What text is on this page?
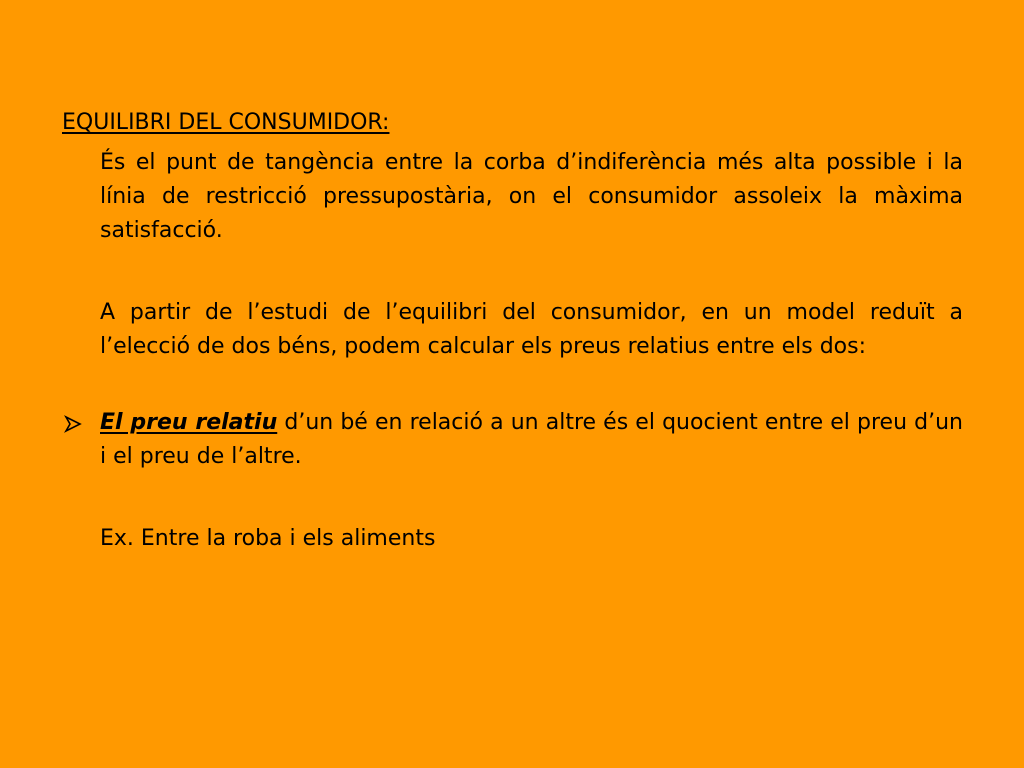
EQUILIBRI DEL CONSUMIDOR:
És el punt de tangència entre la corba d’indiferència més alta possible i la línia de restricció pressupostària, on el consumidor assoleix la màxima satisfacció.
A partir de l’estudi de l’equilibri del consumidor, en un model reduït a l’elecció de dos béns, podem calcular els preus relatius entre els dos:
El preu relatiu d’un bé en relació a un altre és el quocient entre el preu d’un i el preu de l’altre.
Ex. Entre la roba i els aliments
